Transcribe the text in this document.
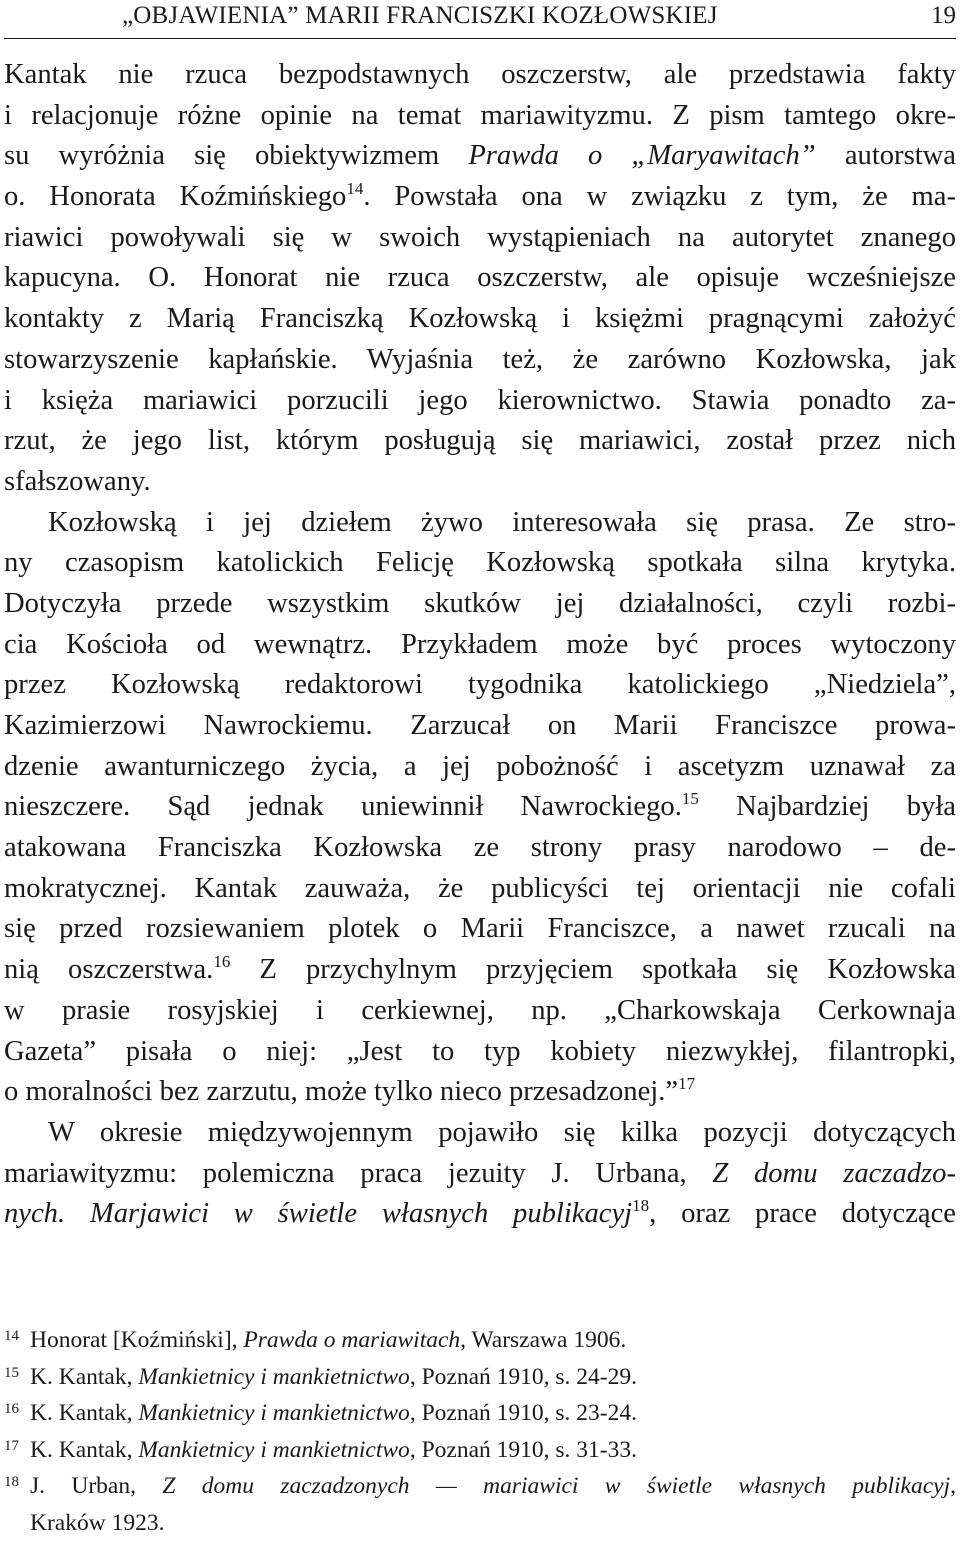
„OBJAWIENIA” MARII FRANCISZKI KOZŁOWSKIEJ	19
Kantak nie rzuca bezpodstawnych oszczerstw, ale przedstawia fakty
i relacjonuje różne opinie na temat mariawityzmu. Z pism tamtego okre-
su wyróżnia się obiektywizmem Prawda o „Maryawitach” autorstwa
o. Honorata Koźmińskiego$^{14}$. Powstała ona w związku z tym, że ma-
riawici powoływali się w swoich wystąpieniach na autorytet znanego
kapucyna. O. Honorat nie rzuca oszczerstw, ale opisuje wcześniejsze
kontakty z Marią Franciszką Kozłowską i księżmi pragnącymi założyć
stowarzyszenie kapłańskie. Wyjaśnia też, że zarówno Kozłowska, jak
i księża mariawici porzucili jego kierownictwo. Stawia ponadto za-
rzut, że jego list, którym posługują się mariawici, został przez nich
sfałszowany.
Kozłowską i jej dziełem żywo interesowała się prasa. Ze stro-
ny czasopism katolickich Felicję Kozłowską spotkała silna krytyka.
Dotyczyła przede wszystkim skutków jej działalności, czyli rozbi-
cia Kościoła od wewnątrz. Przykładem może być proces wytoczony
przez Kozłowską redaktorowi tygodnika katolickiego „Niedziela”,
Kazimierzowi Nawrockiemu. Zarzucał on Marii Franciszce prowa-
dzenie awanturniczego życia, a jej pobożność i ascetyzm uznawał za
nieszczere. Sąd jednak uniewinnił Nawrockiego.$^{15}$ Najbardziej była
atakowana Franciszka Kozłowska ze strony prasy narodowo – de-
mokratycznej. Kantak zauważa, że publicyści tej orientacji nie cofali
się przed rozsiewaniem plotek o Marii Franciszce, a nawet rzucali na
nią oszczerstwa.$^{16}$ Z przychylnym przyjęciem spotkała się Kozłowska
w prasie rosyjskiej i cerkiewnej, np. „Charkowskaja Cerkownaja
Gazeta” pisała o niej: „Jest to typ kobiety niezwykłej, filantropki,
o moralności bez zarzutu, może tylko nieco przesadzonej.”$^{17}$
W okresie międzywojennym pojawiło się kilka pozycji dotyczących
mariawityzmu: polemiczna praca jezuity J. Urbana, Z domu zaczadzo-
nych. Marjawici w świetle własnych publikacyj$^{18}$, oraz prace dotyczące
14 Honorat [Koźmiński], Prawda o mariawitach, Warszawa 1906.
15 K. Kantak, Mankietnicy i mankietnictwo, Poznań 1910, s. 24-29.
16 K. Kantak, Mankietnicy i mankietnictwo, Poznań 1910, s. 23-24.
17 K. Kantak, Mankietnicy i mankietnictwo, Poznań 1910, s. 31-33.
18 J. Urban, Z domu zaczadzonych — mariawici w świetle własnych publikacyj,
Kraków 1923.
